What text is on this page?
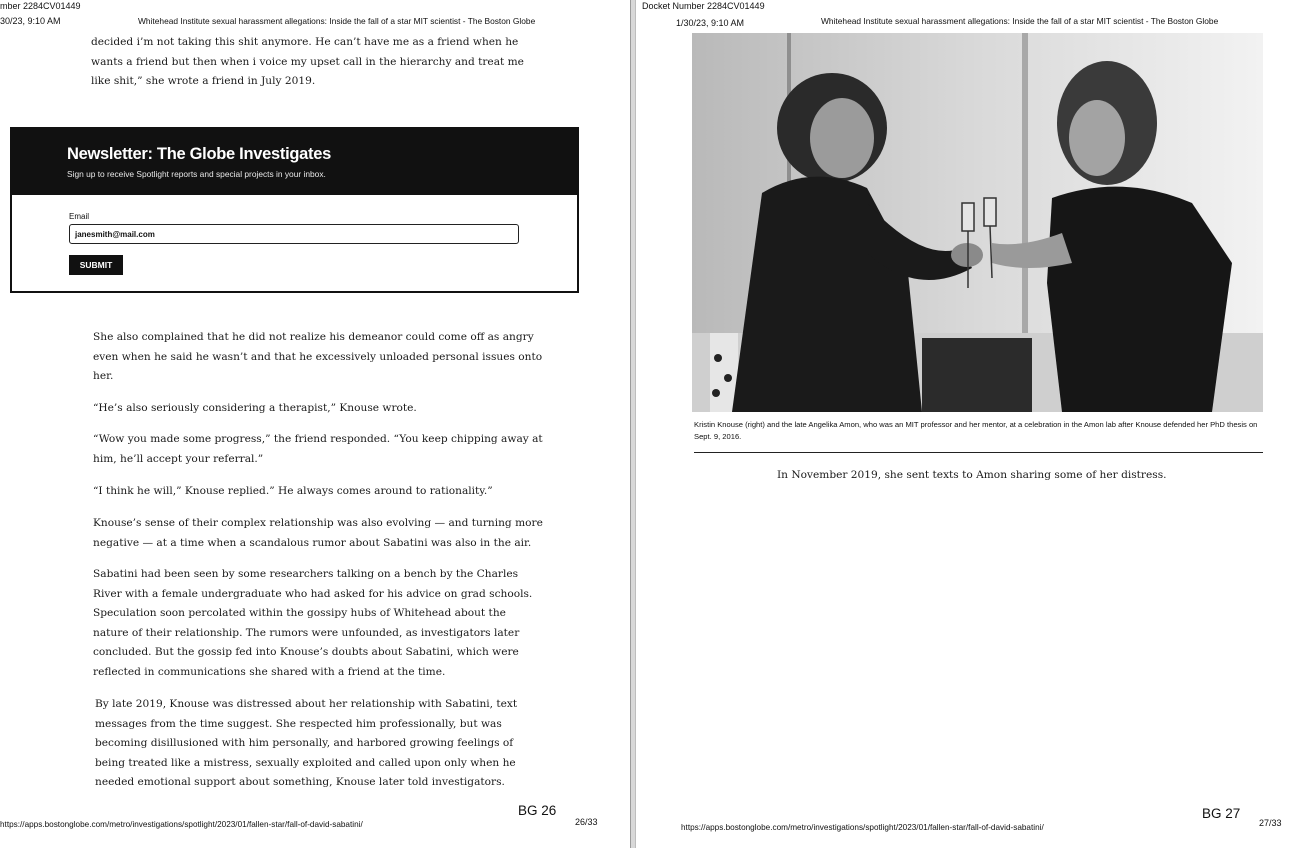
mber 2284CV01449
30/23, 9:10 AM	Whitehead Institute sexual harassment allegations: Inside the fall of a star MIT scientist - The Boston Globe

decided i’m not taking this shit anymore. He can’t have me as a friend when he

wants a friend but then when i voice my upset call in the hierarchy and treat me

like shit,” she wrote a friend in July 2019.

Newsletter: The Globe Investigates
Sign up to receive Spotlight reports and special projects in your inbox.
Email
janesmith@mail.com
SUBMIT

She also complained that he did not realize his demeanor could come off as angry

even when he said he wasn’t and that he excessively unloaded personal issues onto

her.

“He’s also seriously considering a therapist,” Knouse wrote.

“Wow you made some progress,” the friend responded. “You keep chipping away at

him, he’ll accept your referral.”

“I think he will,” Knouse replied.” He always comes around to rationality.”

Knouse’s sense of their complex relationship was also evolving — and turning more

negative — at a time when a scandalous rumor about Sabatini was also in the air.

Sabatini had been seen by some researchers talking on a bench by the Charles

River with a female undergraduate who had asked for his advice on grad schools.

Speculation soon percolated within the gossipy hubs of Whitehead about the

nature of their relationship. The rumors were unfounded, as investigators later

concluded. But the gossip fed into Knouse’s doubts about Sabatini, which were

reflected in communications she shared with a friend at the time.

By late 2019, Knouse was distressed about her relationship with Sabatini, text

messages from the time suggest. She respected him professionally, but was

becoming disillusioned with him personally, and harbored growing feelings of

being treated like a mistress, sexually exploited and called upon only when he

needed emotional support about something, Knouse later told investigators.

BG 26
https://apps.bostonglobe.com/metro/investigations/spotlight/2023/01/fallen-star/fall-of-david-sabatini/	26/33
Docket Number 2284CV01449
1/30/23, 9:10 AM	Whitehead Institute sexual harassment allegations: Inside the fall of a star MIT scientist - The Boston Globe
Kristin Knouse (right) and the late Angelika Amon, who was an MIT professor and her mentor, at a celebration in the Amon lab after Knouse defended her PhD thesis on
Sept. 9, 2016.

In November 2019, she sent texts to Amon sharing some of her distress.

BG 27
https://apps.bostonglobe.com/metro/investigations/spotlight/2023/01/fallen-star/fall-of-david-sabatini/	27/33
